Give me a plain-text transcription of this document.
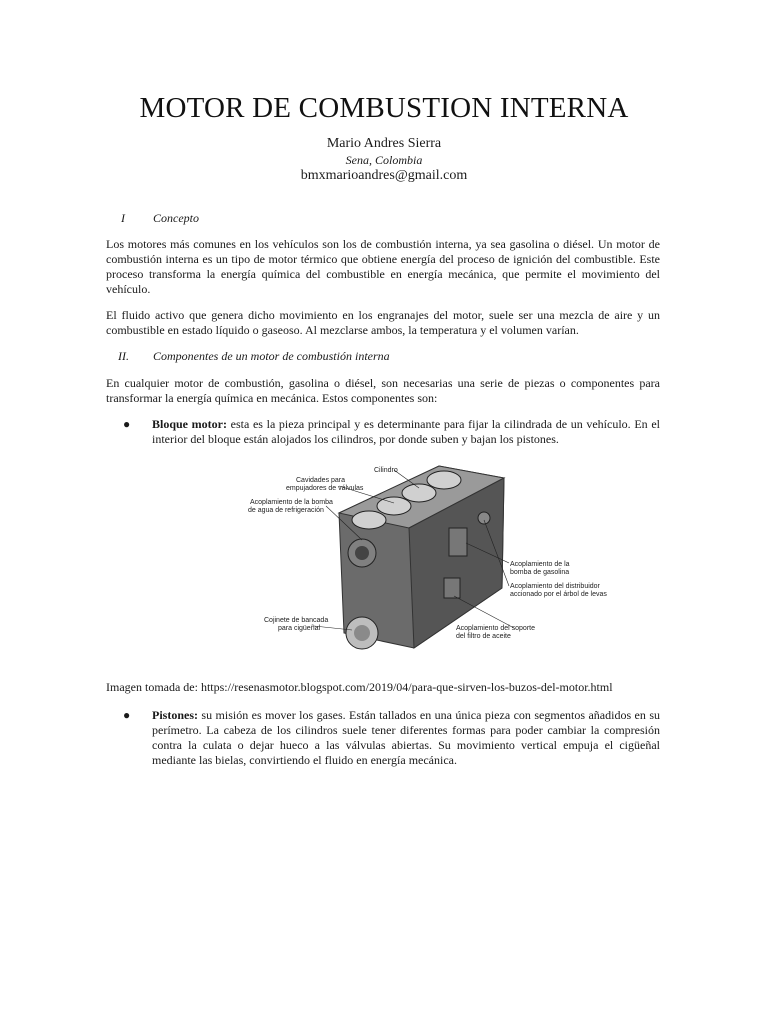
MOTOR DE COMBUSTION INTERNA
Mario Andres Sierra
Sena, Colombia
bmxmarioandres@gmail.com
I Concepto

Los motores más comunes en los vehículos son los de combustión interna, ya sea gasolina o diésel. Un motor de combustión interna es un tipo de motor térmico que obtiene energía del proceso de ignición del combustible. Este proceso transforma la energía química del combustible en energía mecánica, que permite el movimiento del vehículo.

El fluido activo que genera dicho movimiento en los engranajes del motor, suele ser una mezcla de aire y un combustible en estado líquido o gaseoso. Al mezclarse ambos, la temperatura y el volumen varían.

II. Componentes de un motor de combustión interna

En cualquier motor de combustión, gasolina o diésel, son necesarias una serie de piezas o componentes para transformar la energía química en mecánica. Estos componentes son:

● Bloque motor: esta es la pieza principal y es determinante para fijar la cilindrada de un vehículo. En el interior del bloque están alojados los cilindros, por donde suben y bajan los pistones.
Cilindro
Cavidades para
empujadores de válvulas
Acoplamiento de la bomba
de agua de refrigeración
Acoplamiento de la
bomba de gasolina
Acoplamiento del distribuidor
accionado por el árbol de levas
Cojinete de bancada
para cigüeñal	Acoplamiento del soporte
del filtro de aceite
Imagen tomada de: https://resenasmotor.blogspot.com/2019/04/para-que-sirven-los-buzos-del-motor.html
● Pistones: su misión es mover los gases. Están tallados en una única pieza con segmentos añadidos en su perímetro. La cabeza de los cilindros suele tener diferentes formas para poder cambiar la compresión contra la culata o dejar hueco a las válvulas abiertas. Su movimiento vertical empuja el cigüeñal mediante las bielas, convirtiendo el fluido en energía mecánica.
